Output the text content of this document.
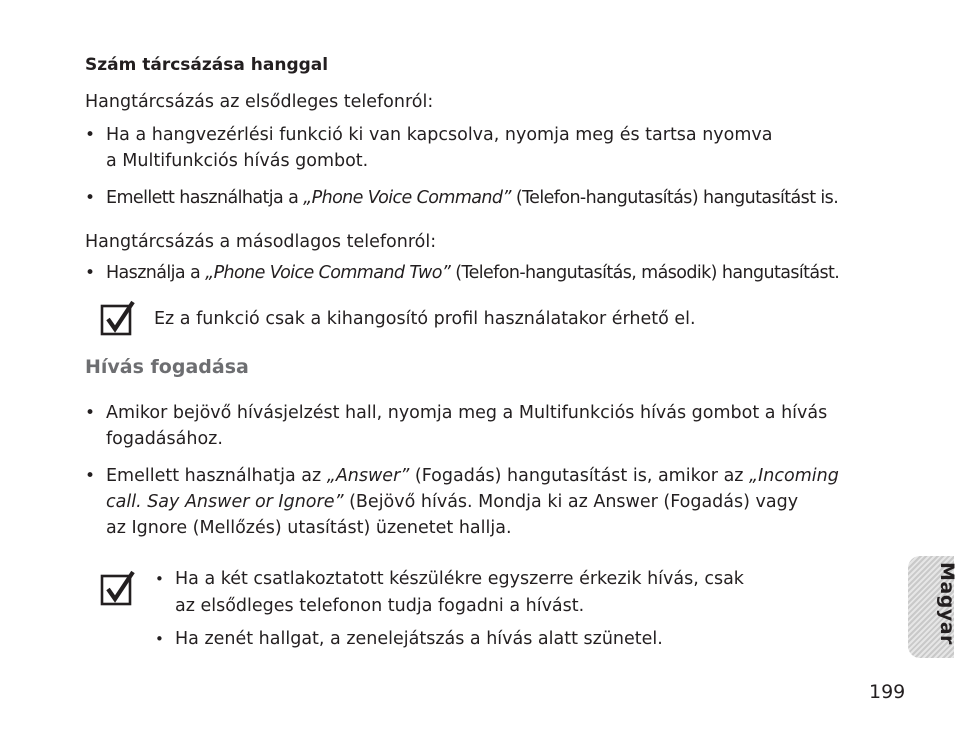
Szám tárcsázása hanggal
Hangtárcsázás az elsődleges telefonról:
• Ha a hangvezérlési funkció ki van kapcsolva, nyomja meg és tartsa nyomva
a Multifunkciós hívás gombot.
• Emellett használhatja a „Phone Voice Command” (Telefon-hangutasítás) hangutasítást is.
Hangtárcsázás a másodlagos telefonról:
• Használja a „Phone Voice Command Two” (Telefon-hangutasítás, második) hangutasítást.
Ez a funkció csak a kihangosító profil használatakor érhető el.
Hívás fogadása
• Amikor bejövő hívásjelzést hall, nyomja meg a Multifunkciós hívás gombot a hívás
fogadásához.
• Emellett használhatja az „Answer” (Fogadás) hangutasítást is, amikor az „Incoming
call. Say Answer or Ignore” (Bejövő hívás. Mondja ki az Answer (Fogadás) vagy
az Ignore (Mellőzés) utasítást) üzenetet hallja.
• Ha a két csatlakoztatott készülékre egyszerre érkezik hívás, csak
az elsődleges telefonon tudja fogadni a hívást.
• Ha zenét hallgat, a zenelejátszás a hívás alatt szünetel.	Magyar
199
